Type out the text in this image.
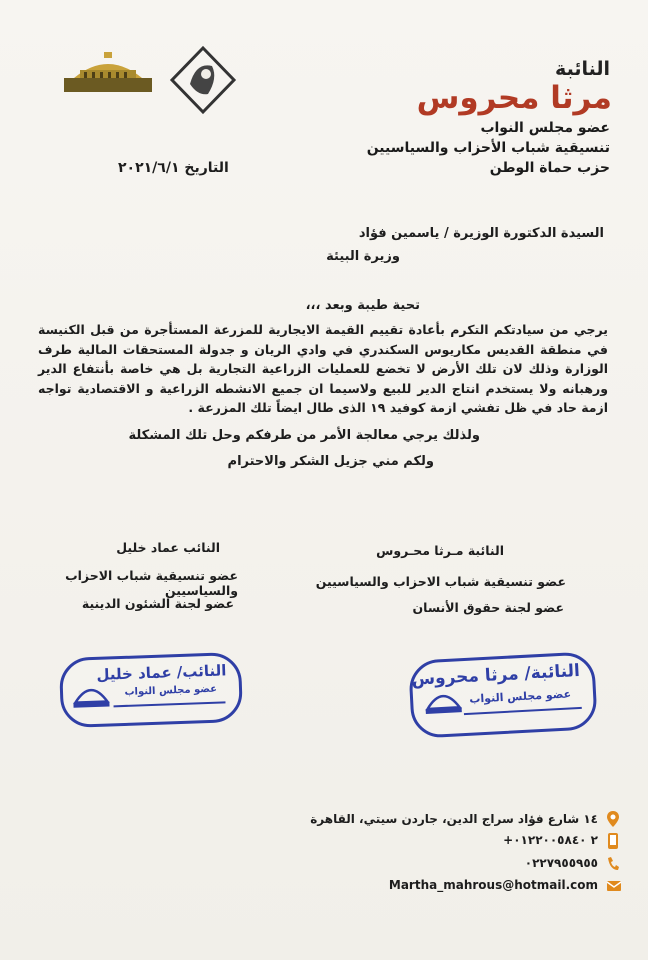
النائبة
مرثا محروس
عضو مجلس النواب
تنسيقية شباب الأحزاب والسياسيين
حزب حماة الوطن
التاريخ ٢٠٢١/٦/١
السيدة الدكتورة الوزيرة / ياسمين فؤاد
وزيرة البيئة
تحية طيبة وبعد ،،،
يرجي من سيادتكم التكرم بأعادة تقييم القيمة الايجارية للمزرعة المستأجرة من قبل الكنيسة في منطقة القديس مكاريوس السكندري في وادي الريان و جدولة المستحقات المالية طرف الوزارة وذلك لان تلك الأرض لا تخضع للعمليات الزراعية التجارية بل هي خاصة بأنتفاع الدير ورهبانه ولا يستخدم انتاج الدير للبيع ولاسيما ان جميع الانشطه الزراعية و الاقتصادية تواجه ازمة حاد في ظل تفشي ازمة كوفيد ١٩ الذى طال ايضاً تلك المزرعة .
ولذلك يرجي معالجة الأمر من طرفكم وحل تلك المشكلة
ولكم مني جزيل الشكر والاحترام
النائبة مـرثا محـروس
عضو تنسيقية شباب الاحزاب والسياسيين
عضو لجنة حقوق الأنسان
النائب عماد خليل
عضو تنسيقية شباب الاحزاب والسياسيين
عضو لجنة الشئون الدينية
النائبة/ مرثا محروس
عضو مجلس النواب
النائب/ عماد خليل
عضو مجلس النواب
١٤ شارع فؤاد سراج الدين، جاردن سيتي، القاهرة
+٢ ٠١٢٢٠٠٥٨٤٠
٠٢٢٧٩٥٥٩٥٥
Martha_mahrous@hotmail.com
